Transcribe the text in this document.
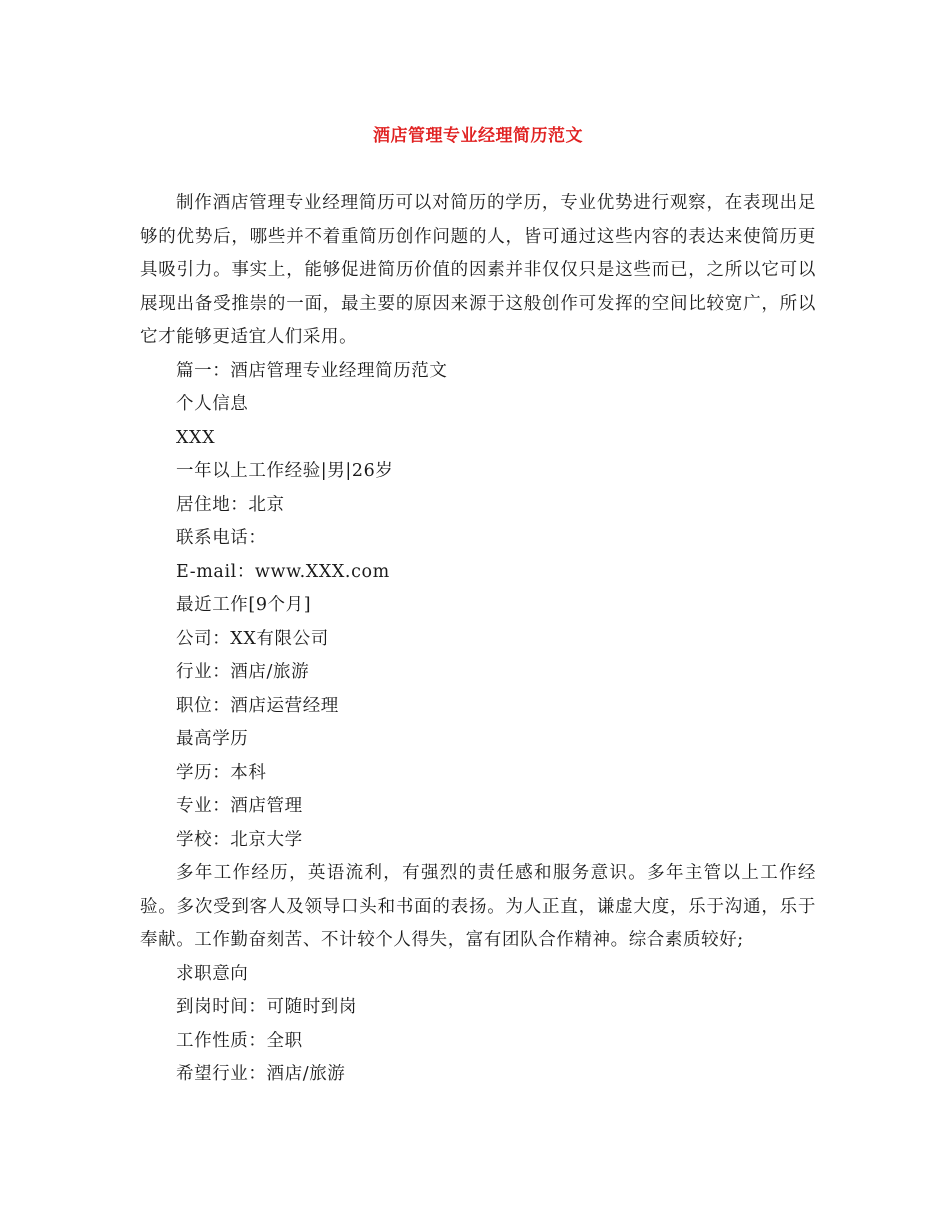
酒店管理专业经理简历范文

制作酒店管理专业经理简历可以对简历的学历，专业优势进行观察，在表现出足够的优势后，哪些并不着重简历创作问题的人，皆可通过这些内容的表达来使简历更具吸引力。事实上，能够促进简历价值的因素并非仅仅只是这些而已，之所以它可以展现出备受推崇的一面，最主要的原因来源于这般创作可发挥的空间比较宽广，所以它才能够更适宜人们采用。

篇一：酒店管理专业经理简历范文

个人信息

XXX

一年以上工作经验|男|26岁

居住地：北京

联系电话：

E-mail：www.XXX.com

最近工作[9个月]

公司：XX有限公司

行业：酒店/旅游

职位：酒店运营经理

最高学历

学历：本科

专业：酒店管理

学校：北京大学

多年工作经历，英语流利，有强烈的责任感和服务意识。多年主管以上工作经验。多次受到客人及领导口头和书面的表扬。为人正直，谦虚大度，乐于沟通，乐于奉献。工作勤奋刻苦、不计较个人得失，富有团队合作精神。综合素质较好;

求职意向

到岗时间：可随时到岗

工作性质：全职

希望行业：酒店/旅游
